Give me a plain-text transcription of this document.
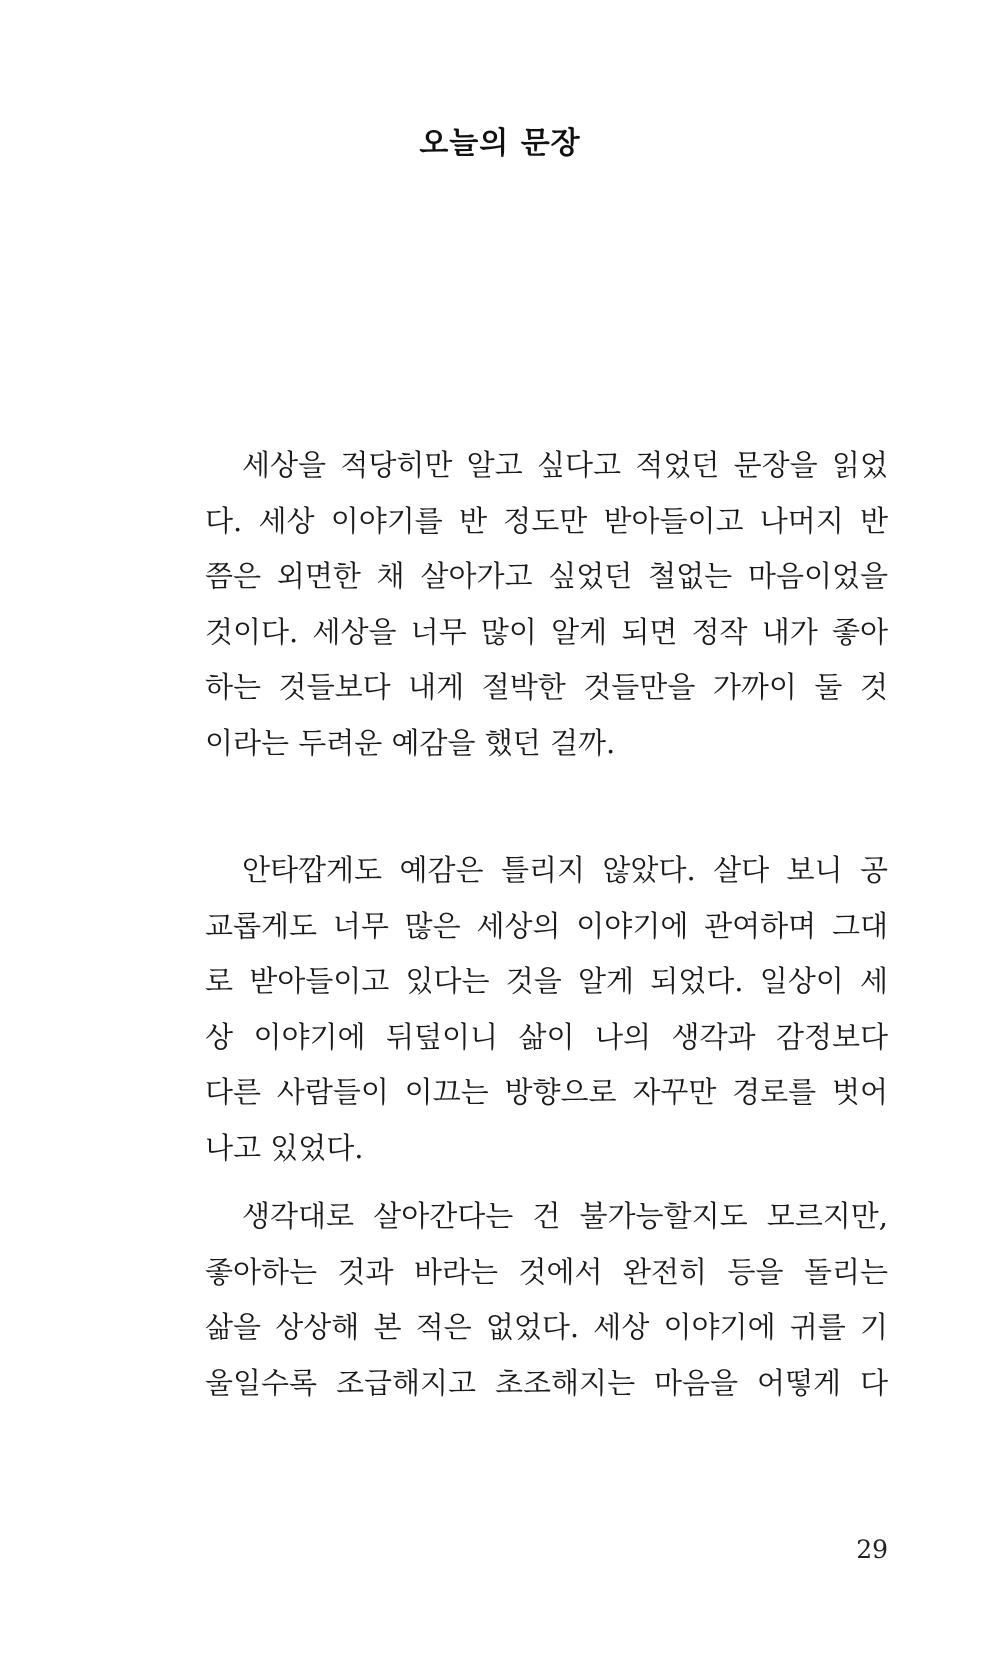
오늘의 문장
세상을 적당히만 알고 싶다고 적었던 문장을 읽었
다. 세상 이야기를 반 정도만 받아들이고 나머지 반
쯤은 외면한 채 살아가고 싶었던 철없는 마음이었을
것이다. 세상을 너무 많이 알게 되면 정작 내가 좋아
하는 것들보다 내게 절박한 것들만을 가까이 둘 것
이라는 두려운 예감을 했던 걸까.
안타깝게도 예감은 틀리지 않았다. 살다 보니 공
교롭게도 너무 많은 세상의 이야기에 관여하며 그대
로 받아들이고 있다는 것을 알게 되었다. 일상이 세
상 이야기에 뒤덮이니 삶이 나의 생각과 감정보다
다른 사람들이 이끄는 방향으로 자꾸만 경로를 벗어
나고 있었다.
생각대로 살아간다는 건 불가능할지도 모르지만,
좋아하는 것과 바라는 것에서 완전히 등을 돌리는
삶을 상상해 본 적은 없었다. 세상 이야기에 귀를 기
울일수록 조급해지고 초조해지는 마음을 어떻게 다
29
